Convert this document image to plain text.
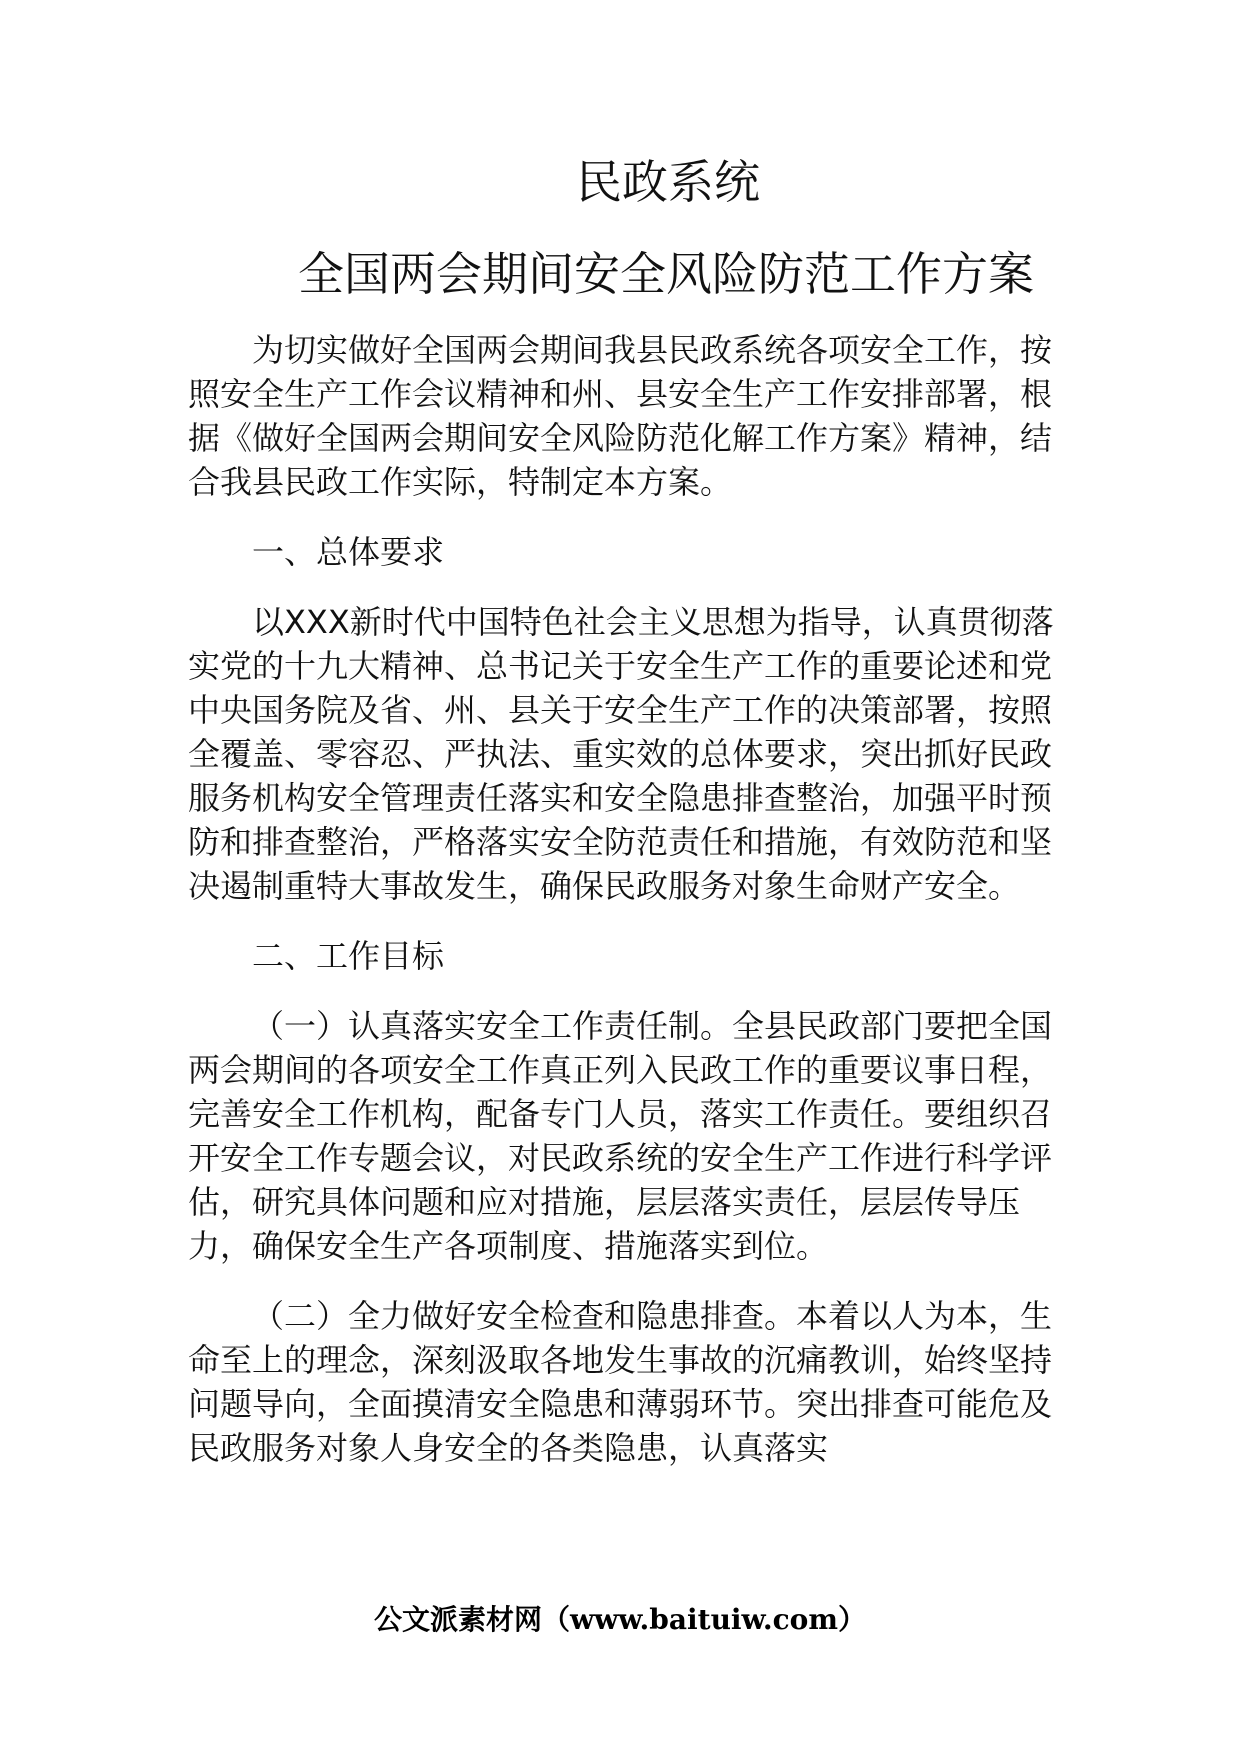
民政系统
全国两会期间安全风险防范工作方案

为切实做好全国两会期间我县民政系统各项安全工作，按照安全生产工作会议精神和州、县安全生产工作安排部署，根据《做好全国两会期间安全风险防范化解工作方案》精神，结合我县民政工作实际，特制定本方案。

一、总体要求

以XXX新时代中国特色社会主义思想为指导，认真贯彻落实党的十九大精神、总书记关于安全生产工作的重要论述和党中央国务院及省、州、县关于安全生产工作的决策部署，按照全覆盖、零容忍、严执法、重实效的总体要求，突出抓好民政服务机构安全管理责任落实和安全隐患排查整治，加强平时预防和排查整治，严格落实安全防范责任和措施，有效防范和坚决遏制重特大事故发生，确保民政服务对象生命财产安全。

二、工作目标

（一）认真落实安全工作责任制。全县民政部门要把全国两会期间的各项安全工作真正列入民政工作的重要议事日程，完善安全工作机构，配备专门人员，落实工作责任。要组织召开安全工作专题会议，对民政系统的安全生产工作进行科学评估，研究具体问题和应对措施，层层落实责任，层层传导压力，确保安全生产各项制度、措施落实到位。

（二）全力做好安全检查和隐患排查。本着以人为本，生命至上的理念，深刻汲取各地发生事故的沉痛教训，始终坚持问题导向，全面摸清安全隐患和薄弱环节。突出排查可能危及民政服务对象人身安全的各类隐患，认真落实

公文派素材网（www.baituiw.com）
